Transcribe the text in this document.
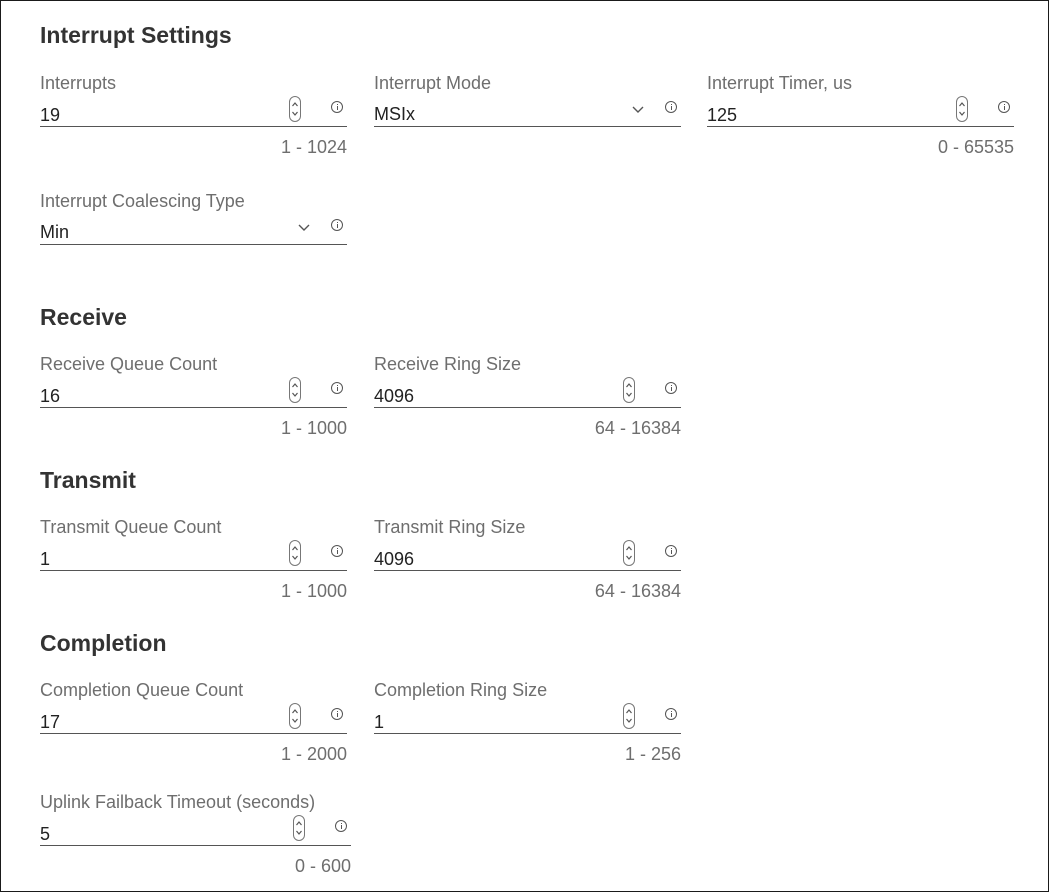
Interrupt Settings
Interrupts
19
1 - 1024
Interrupt Mode
MSIx
Interrupt Timer, us
125
0 - 65535
Interrupt Coalescing Type
Min
Receive
Receive Queue Count
16
1 - 1000
Receive Ring Size
4096
64 - 16384
Transmit
Transmit Queue Count
1
1 - 1000
Transmit Ring Size
4096
64 - 16384
Completion
Completion Queue Count
17
1 - 2000
Completion Ring Size
1
1 - 256
Uplink Failback Timeout (seconds)
5
0 - 600
